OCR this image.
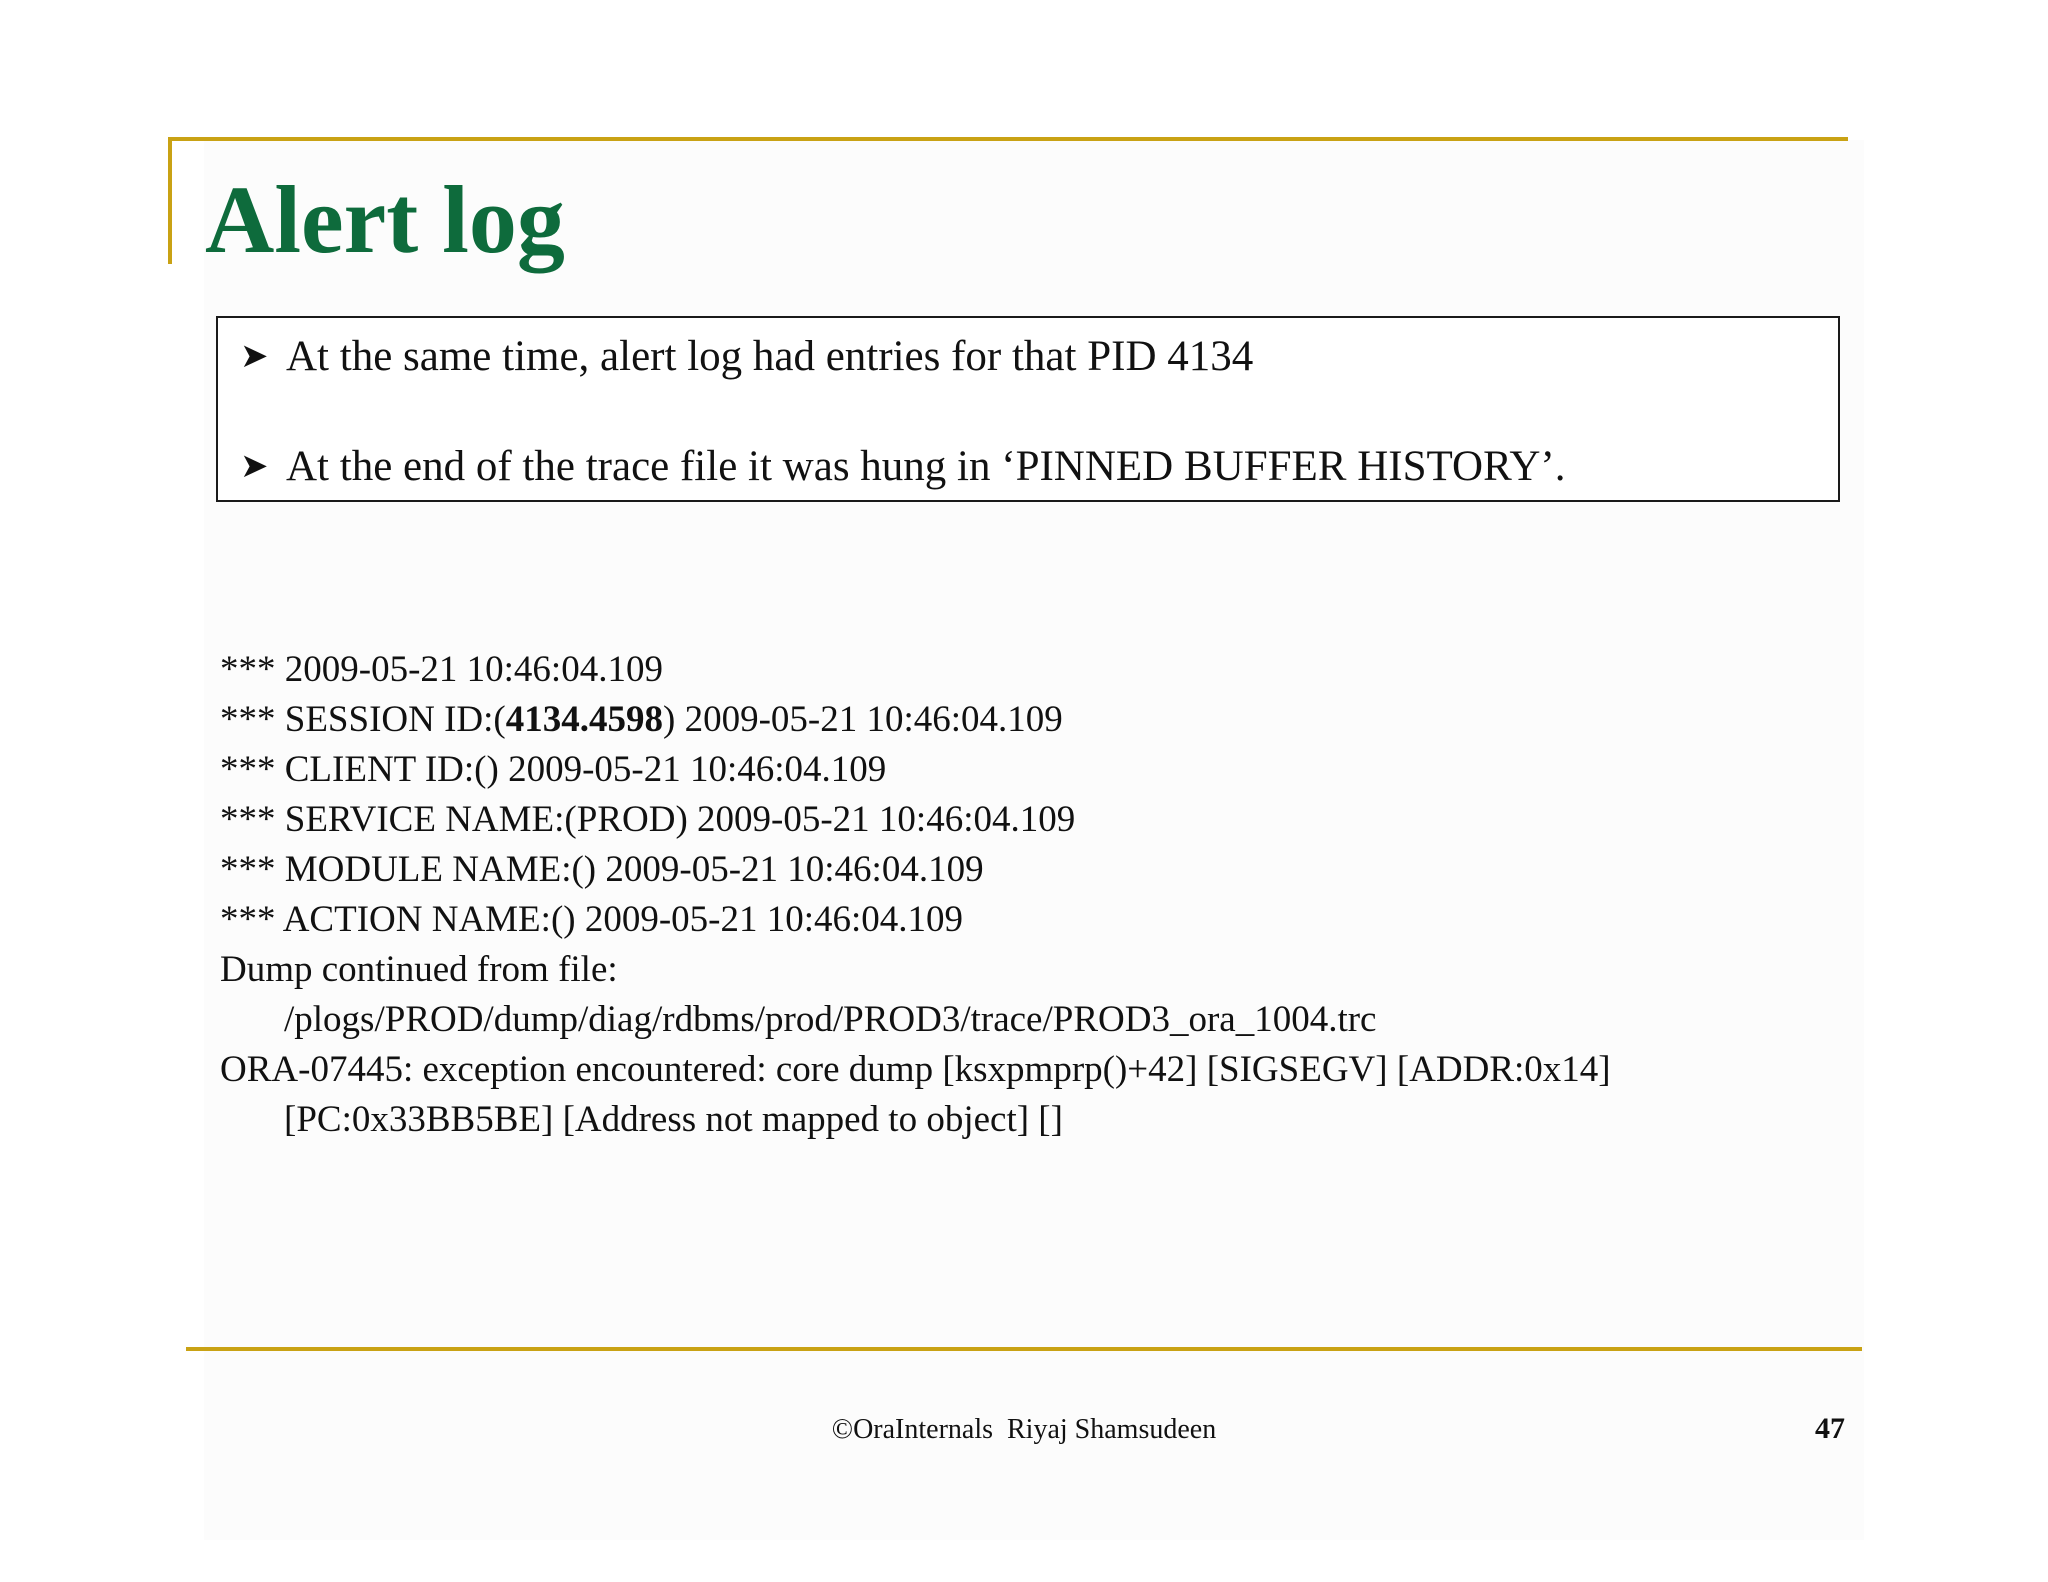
Alert log
➤ At the same time, alert log had entries for that PID 4134
➤ At the end of the trace file it was hung in ‘PINNED BUFFER HISTORY’.
*** 2009-05-21 10:46:04.109
*** SESSION ID:(4134.4598) 2009-05-21 10:46:04.109
*** CLIENT ID:() 2009-05-21 10:46:04.109
*** SERVICE NAME:(PROD) 2009-05-21 10:46:04.109
*** MODULE NAME:() 2009-05-21 10:46:04.109
*** ACTION NAME:() 2009-05-21 10:46:04.109
Dump continued from file:
/plogs/PROD/dump/diag/rdbms/prod/PROD3/trace/PROD3_ora_1004.trc
ORA-07445: exception encountered: core dump [ksxpmprp()+42] [SIGSEGV] [ADDR:0x14]
[PC:0x33BB5BE] [Address not mapped to object] []
©OraInternals  Riyaj Shamsudeen	47
